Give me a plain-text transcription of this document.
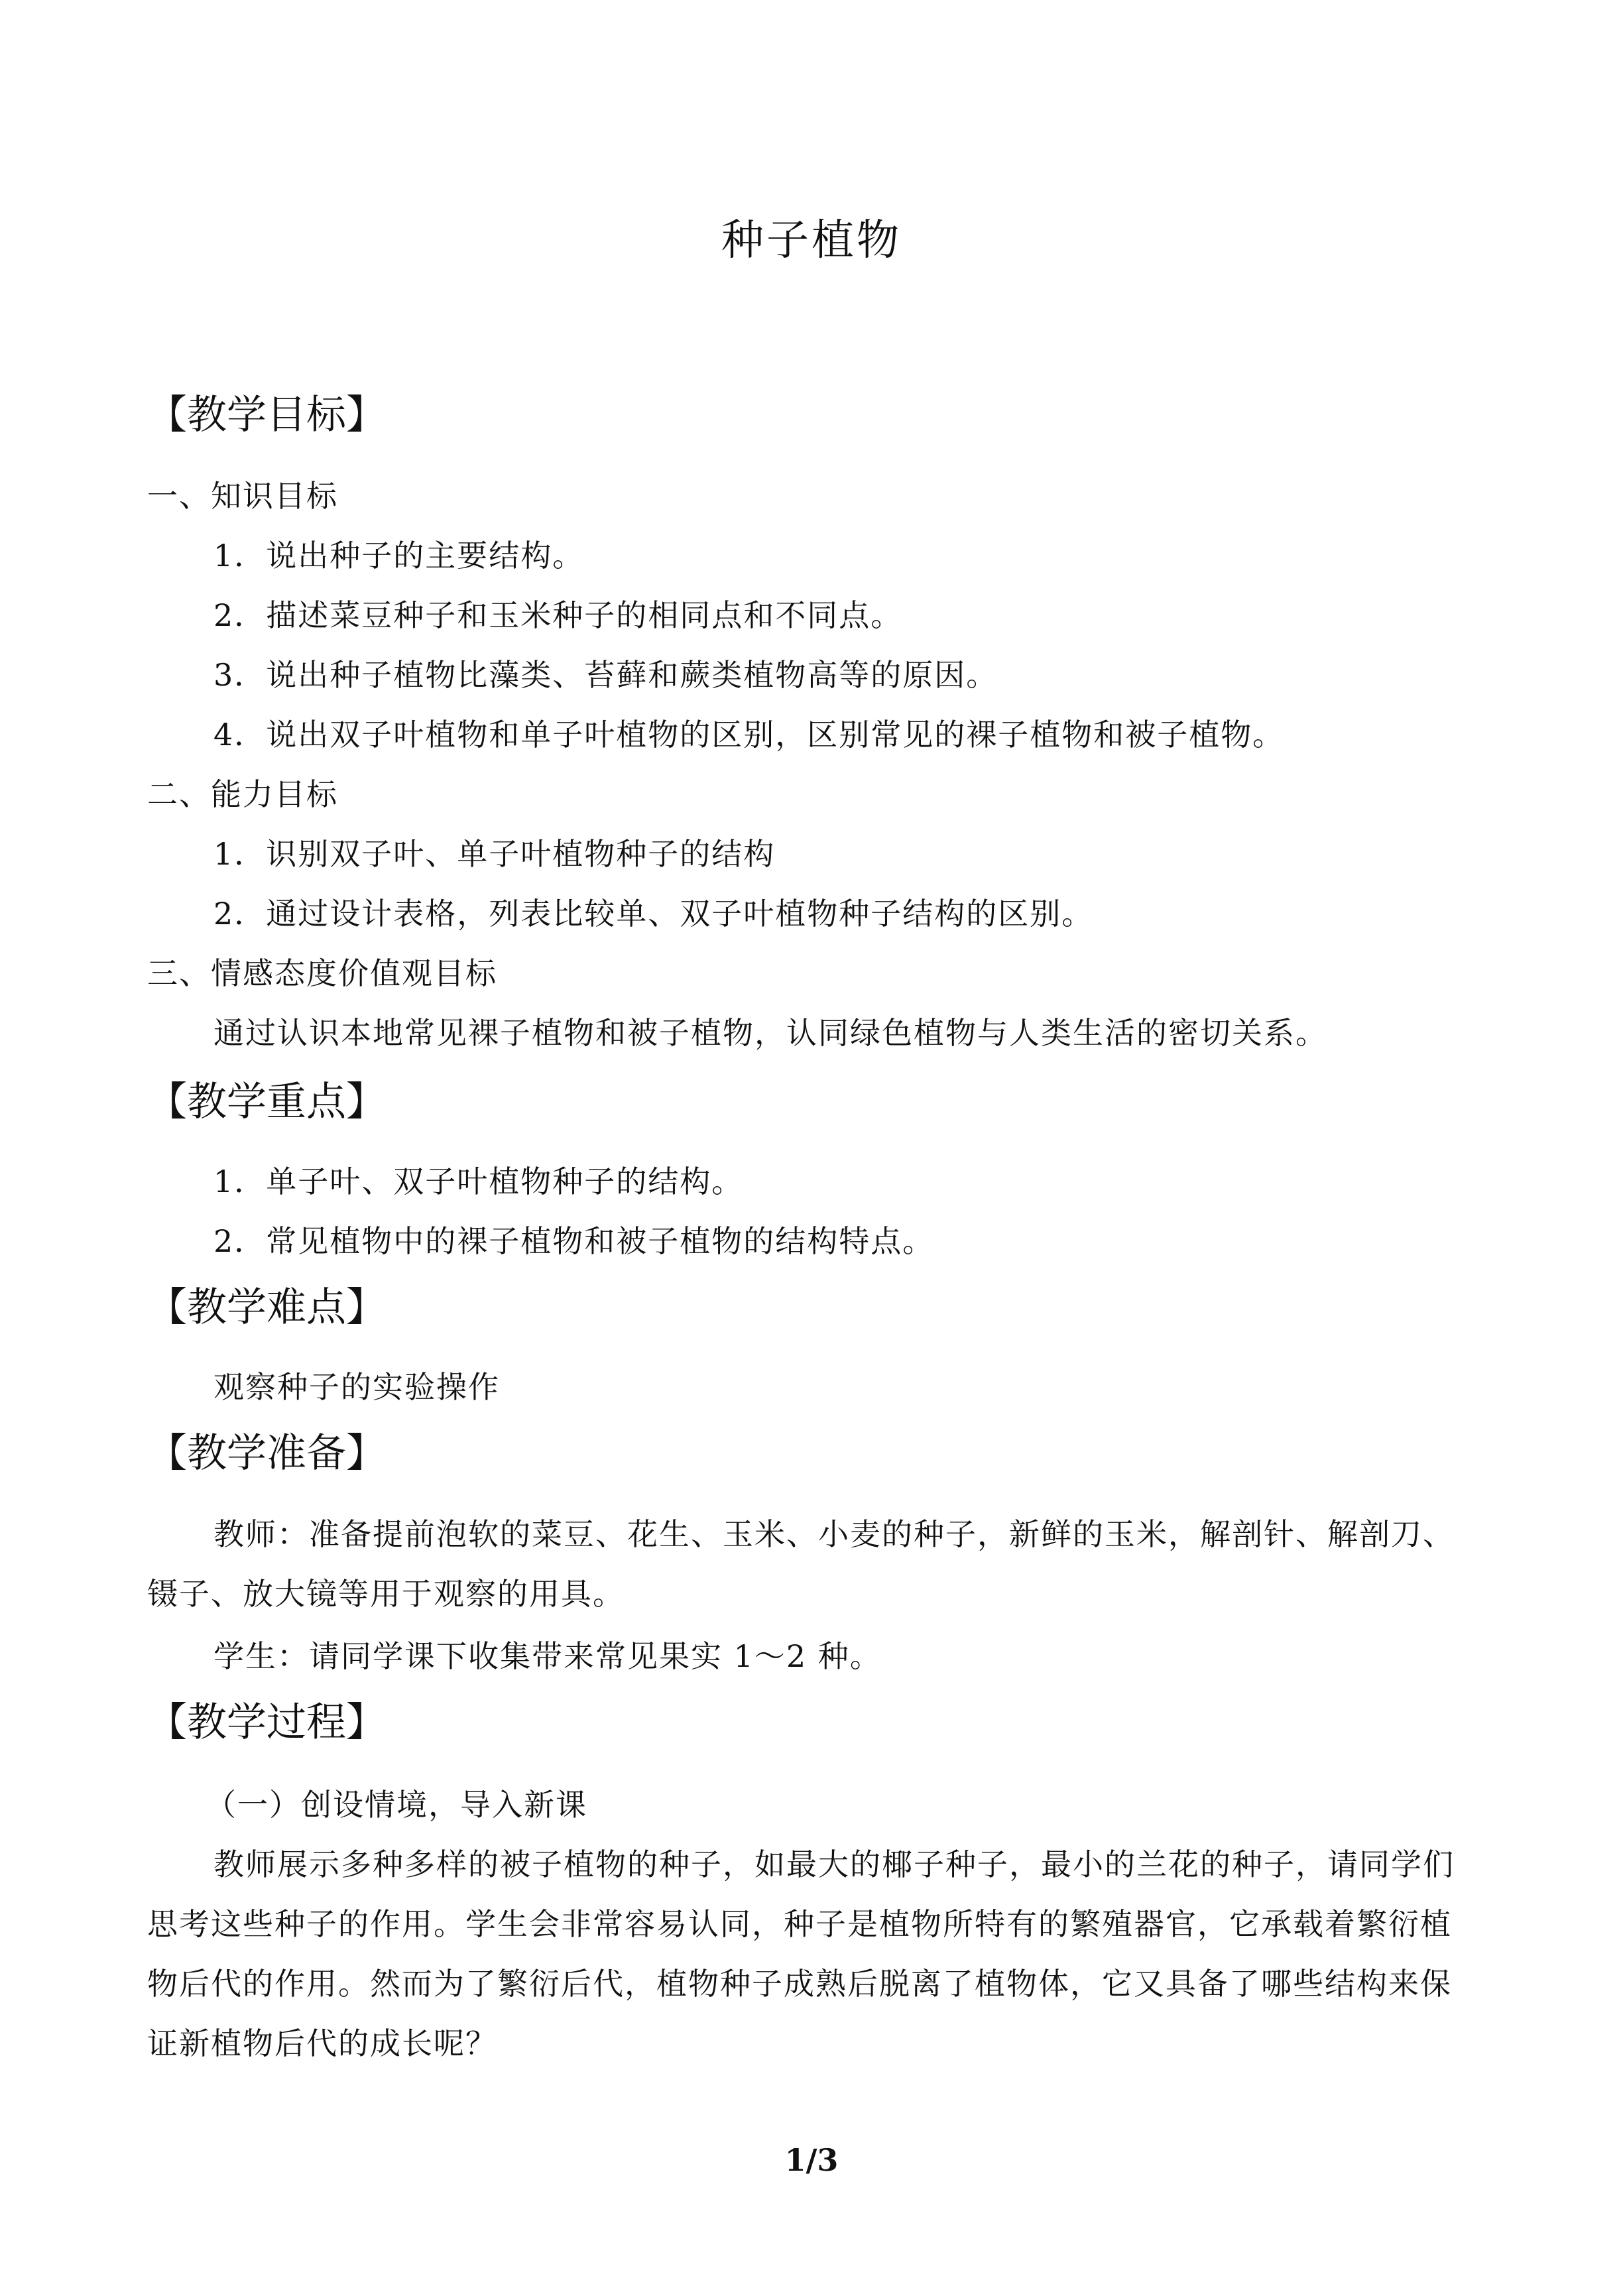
种子植物
【教学目标】
一、知识目标
1．说出种子的主要结构。
2．描述菜豆种子和玉米种子的相同点和不同点。
3．说出种子植物比藻类、苔藓和蕨类植物高等的原因。
4．说出双子叶植物和单子叶植物的区别，区别常见的裸子植物和被子植物。
二、能力目标
1．识别双子叶、单子叶植物种子的结构
2．通过设计表格，列表比较单、双子叶植物种子结构的区别。
三、情感态度价值观目标
通过认识本地常见裸子植物和被子植物，认同绿色植物与人类生活的密切关系。
【教学重点】
1．单子叶、双子叶植物种子的结构。
2．常见植物中的裸子植物和被子植物的结构特点。
【教学难点】
观察种子的实验操作
【教学准备】
教师：准备提前泡软的菜豆、花生、玉米、小麦的种子，新鲜的玉米，解剖针、解剖刀、
镊子、放大镜等用于观察的用具。
学生：请同学课下收集带来常见果实 1～2 种。
【教学过程】
（一）创设情境，导入新课
教师展示多种多样的被子植物的种子，如最大的椰子种子，最小的兰花的种子，请同学们
思考这些种子的作用。学生会非常容易认同，种子是植物所特有的繁殖器官，它承载着繁衍植
物后代的作用。然而为了繁衍后代，植物种子成熟后脱离了植物体，它又具备了哪些结构来保
证新植物后代的成长呢？
1/3
